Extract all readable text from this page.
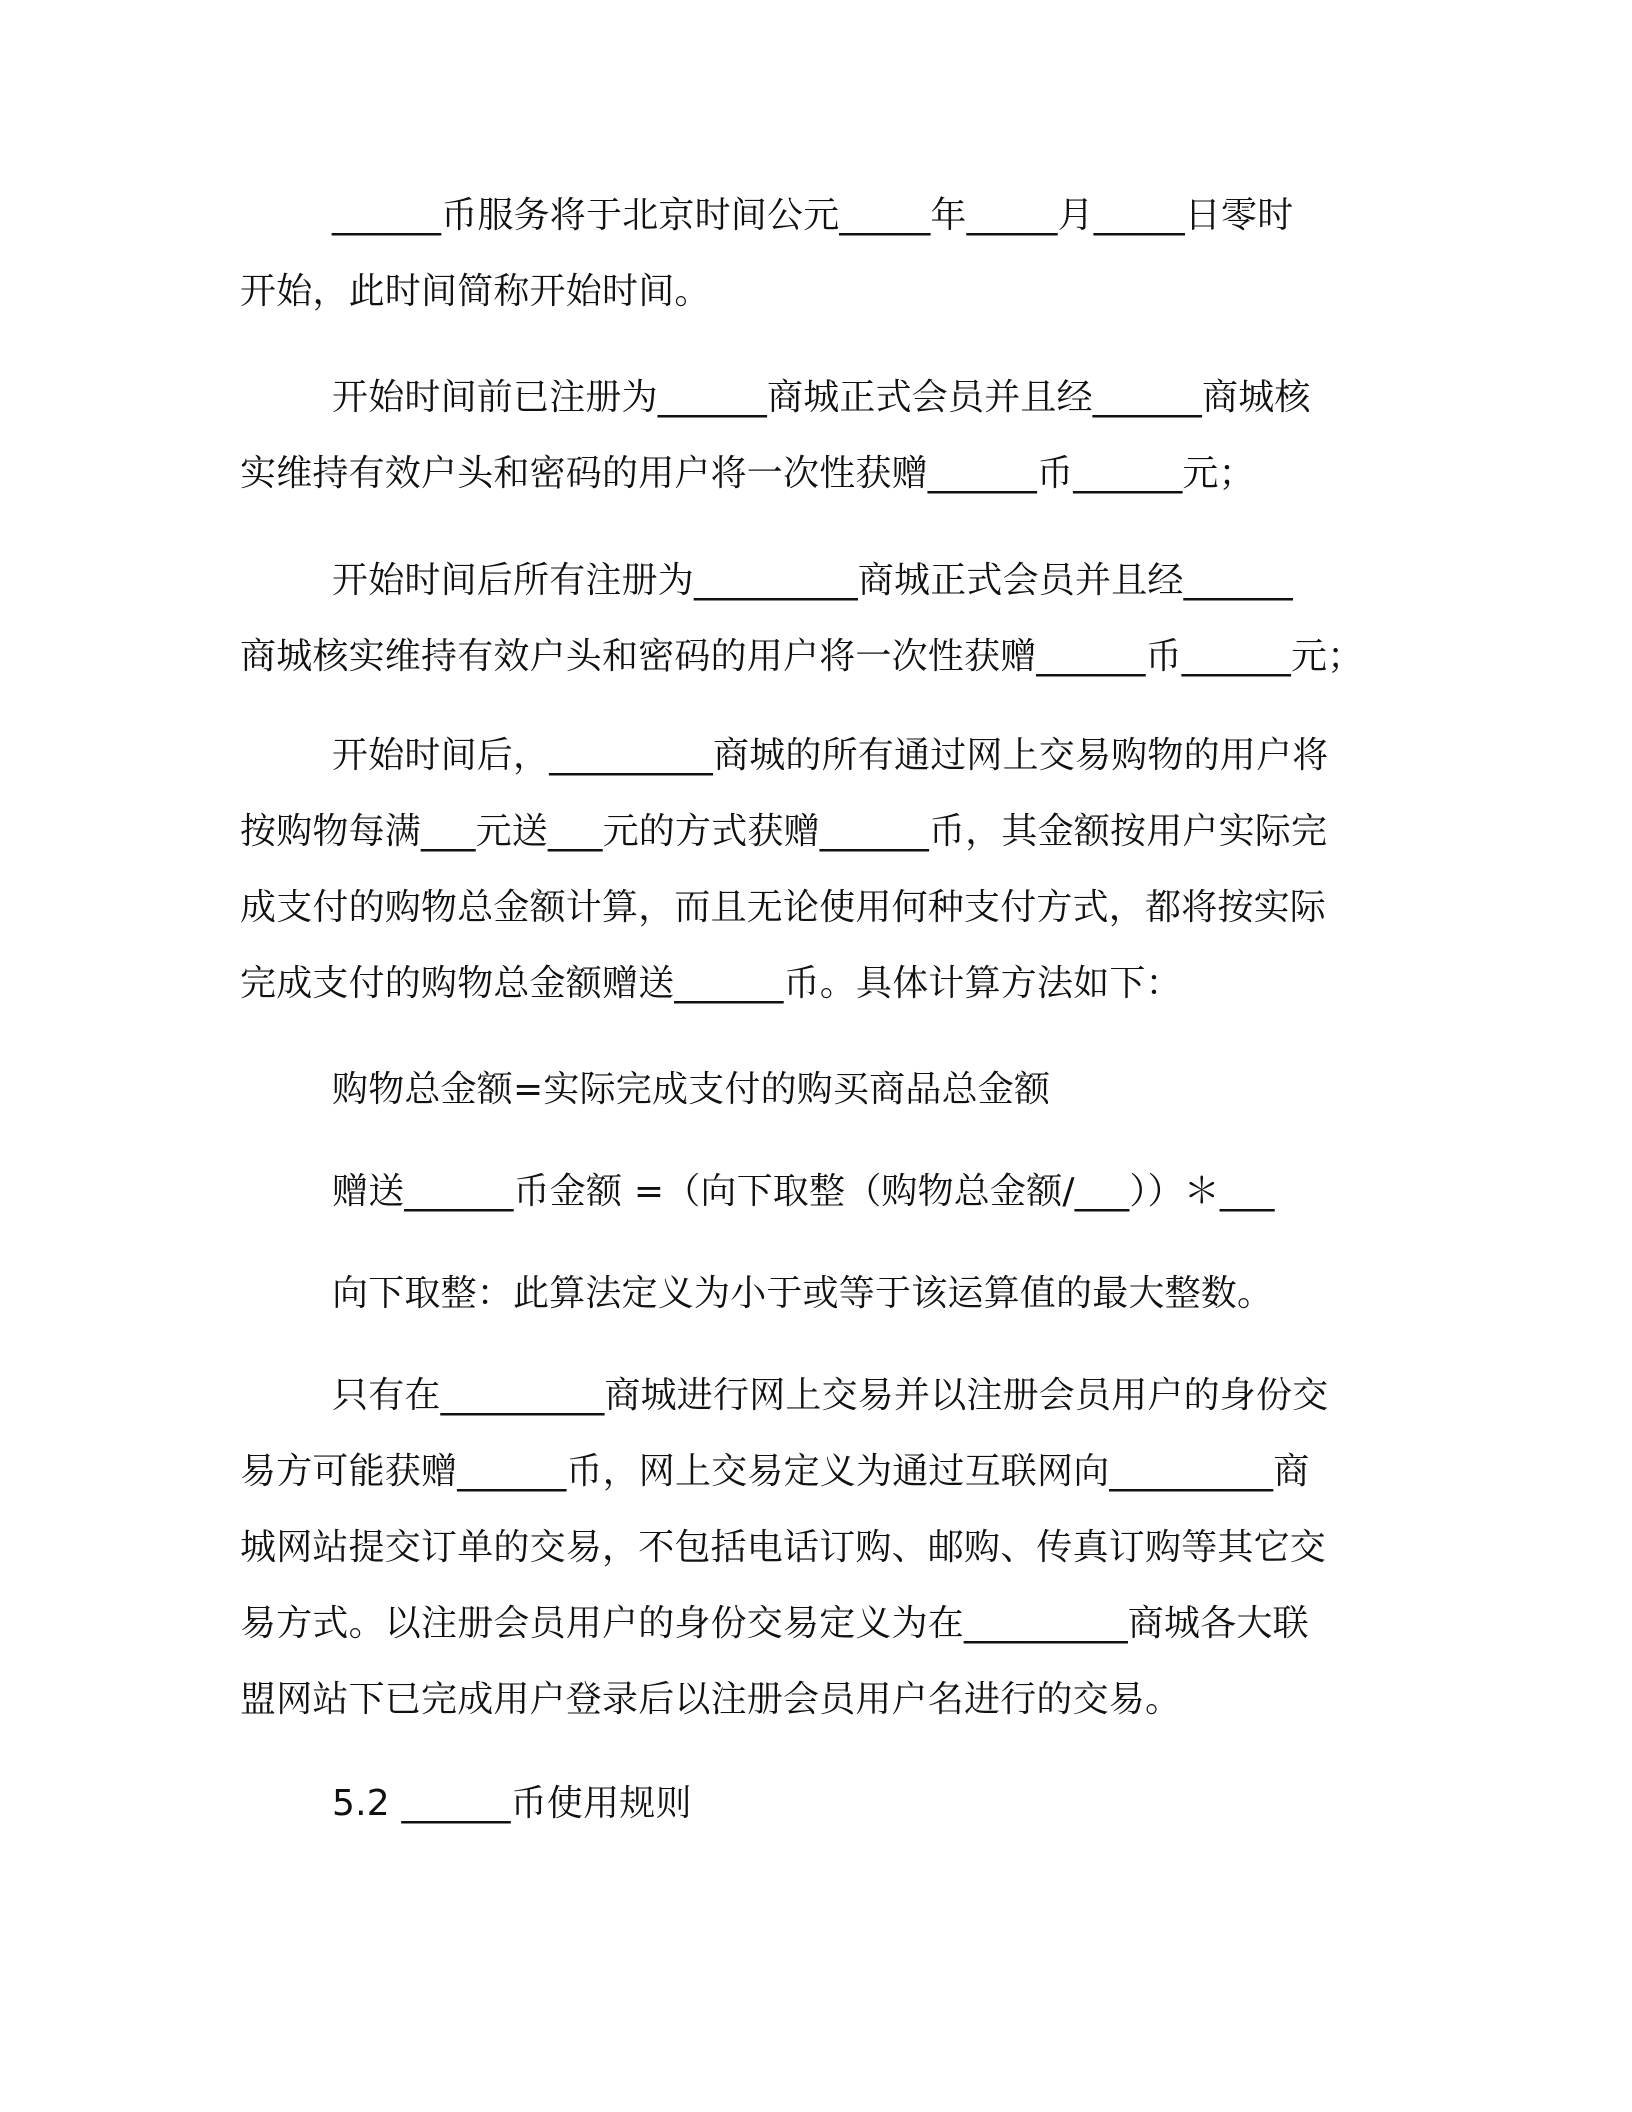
______币服务将于北京时间公元_____年_____月_____日零时
开始，此时间简称开始时间。
开始时间前已注册为______商城正式会员并且经______商城核
实维持有效户头和密码的用户将一次性获赠______币______元；
开始时间后所有注册为_________商城正式会员并且经______
商城核实维持有效户头和密码的用户将一次性获赠______币______元；
开始时间后，_________商城的所有通过网上交易购物的用户将
按购物每满___元送___元的方式获赠______币，其金额按用户实际完
成支付的购物总金额计算，而且无论使用何种支付方式，都将按实际
完成支付的购物总金额赠送______币。具体计算方法如下：
购物总金额=实际完成支付的购买商品总金额
赠送______币金额 =（向下取整（购物总金额/___））＊___
向下取整：此算法定义为小于或等于该运算值的最大整数。
只有在_________商城进行网上交易并以注册会员用户的身份交
易方可能获赠______币，网上交易定义为通过互联网向_________商
城网站提交订单的交易，不包括电话订购、邮购、传真订购等其它交
易方式。以注册会员用户的身份交易定义为在_________商城各大联
盟网站下已完成用户登录后以注册会员用户名进行的交易。
5.2 ______币使用规则
